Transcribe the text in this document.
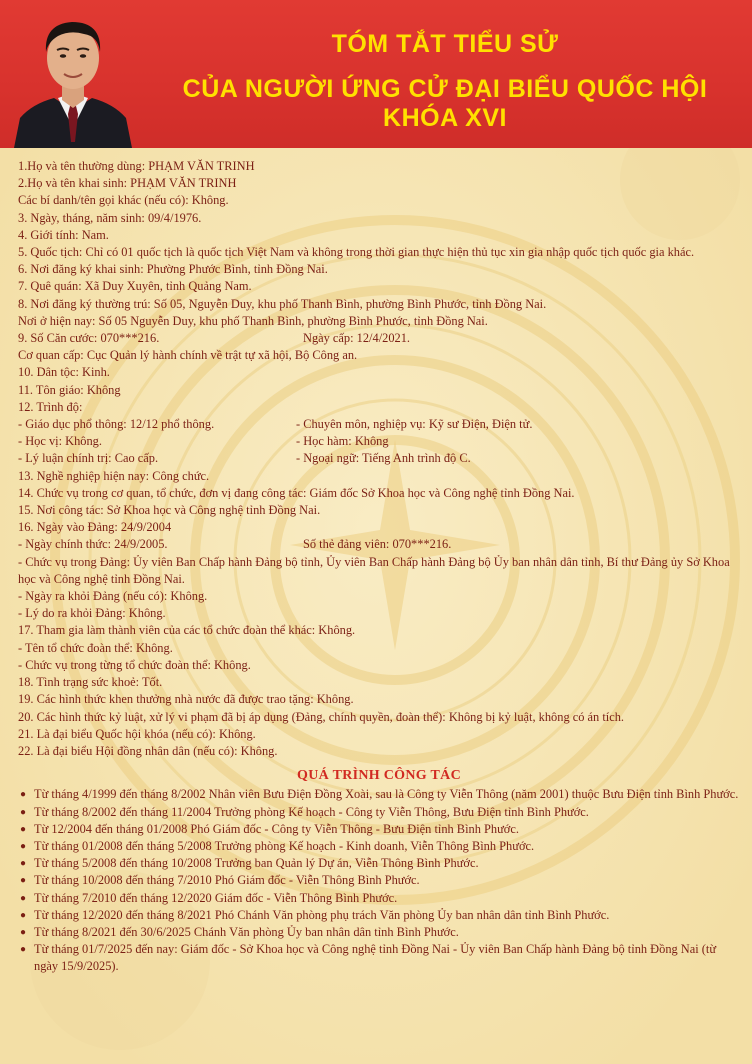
TÓM TẮT TIỂU SỬ
CỦA NGƯỜI ỨNG CỬ ĐẠI BIỂU QUỐC HỘI KHÓA XVI
1.Họ và tên thường dùng: PHẠM VĂN TRINH
2.Họ và tên khai sinh: PHẠM VĂN TRINH
Các bí danh/tên gọi khác (nếu có): Không.
3. Ngày, tháng, năm sinh: 09/4/1976.
4. Giới tính: Nam.
5. Quốc tịch: Chỉ có 01 quốc tịch là quốc tịch Việt Nam và không trong thời gian thực hiện thủ tục xin gia nhập quốc tịch quốc gia khác.
6. Nơi đăng ký khai sinh: Phường Phước Bình, tỉnh Đồng Nai.
7. Quê quán: Xã Duy Xuyên, tỉnh Quảng Nam.
8. Nơi đăng ký thường trú: Số 05, Nguyễn Duy, khu phố Thanh Bình, phường Bình Phước, tỉnh Đồng Nai.
Nơi ở hiện nay: Số 05 Nguyễn Duy, khu phố Thanh Bình, phường Bình Phước, tỉnh Đồng Nai.
9. Số Căn cước: 070***216.	Ngày cấp: 12/4/2021.
Cơ quan cấp: Cục Quản lý hành chính về trật tự xã hội, Bộ Công an.
10. Dân tộc: Kinh.
11. Tôn giáo: Không
12. Trình độ:
- Giáo dục phổ thông: 12/12 phổ thông.	- Chuyên môn, nghiệp vụ: Kỹ sư Điện, Điện tử.
- Học vị: Không.	- Học hàm: Không
- Lý luận chính trị: Cao cấp.	- Ngoại ngữ: Tiếng Anh trình độ C.
13. Nghề nghiệp hiện nay: Công chức.
14. Chức vụ trong cơ quan, tổ chức, đơn vị đang công tác: Giám đốc Sở Khoa học và Công nghệ tỉnh Đồng Nai.
15. Nơi công tác: Sở Khoa học và Công nghệ tỉnh Đồng Nai.
16. Ngày vào Đảng: 24/9/2004
- Ngày chính thức: 24/9/2005.	Số thẻ đảng viên: 070***216.
- Chức vụ trong Đảng: Ủy viên Ban Chấp hành Đảng bộ tỉnh, Ủy viên Ban Chấp hành Đảng bộ Ủy ban nhân dân tỉnh, Bí thư Đảng ủy Sở Khoa học và Công nghệ tỉnh Đồng Nai.
- Ngày ra khỏi Đảng (nếu có): Không.
- Lý do ra khỏi Đảng: Không.
17. Tham gia làm thành viên của các tổ chức đoàn thể khác: Không.
- Tên tổ chức đoàn thể: Không.
- Chức vụ trong từng tổ chức đoàn thể: Không.
18. Tình trạng sức khoẻ: Tốt.
19. Các hình thức khen thưởng nhà nước đã được trao tặng: Không.
20. Các hình thức kỷ luật, xử lý vi phạm đã bị áp dụng (Đảng, chính quyền, đoàn thể): Không bị kỷ luật, không có án tích.
21. Là đại biểu Quốc hội khóa (nếu có): Không.
22. Là đại biểu Hội đồng nhân dân (nếu có): Không.
QUÁ TRÌNH CÔNG TÁC
● Từ tháng 4/1999 đến tháng 8/2002 Nhân viên Bưu Điện Đồng Xoài, sau là Công ty Viễn Thông (năm 2001) thuộc Bưu Điện tỉnh Bình Phước.
● Từ tháng 8/2002 đến tháng 11/2004 Trưởng phòng Kế hoạch - Công ty Viễn Thông, Bưu Điện tỉnh Bình Phước.
● Từ 12/2004 đến tháng 01/2008 Phó Giám đốc - Công ty Viễn Thông - Bưu Điện tỉnh Bình Phước.
● Từ tháng 01/2008 đến tháng 5/2008 Trưởng phòng Kế hoạch - Kinh doanh, Viễn Thông Bình Phước.
● Từ tháng 5/2008 đến tháng 10/2008 Trưởng ban Quản lý Dự án, Viễn Thông Bình Phước.
● Từ tháng 10/2008 đến tháng 7/2010 Phó Giám đốc - Viễn Thông Bình Phước.
● Từ tháng 7/2010 đến tháng 12/2020 Giám đốc - Viễn Thông Bình Phước.
● Từ tháng 12/2020 đến tháng 8/2021 Phó Chánh Văn phòng phụ trách Văn phòng Ủy ban nhân dân tỉnh Bình Phước.
● Từ tháng 8/2021 đến 30/6/2025 Chánh Văn phòng Ủy ban nhân dân tỉnh Bình Phước.
● Từ tháng 01/7/2025 đến nay: Giám đốc - Sở Khoa học và Công nghệ tỉnh Đồng Nai - Ủy viên Ban Chấp hành Đảng bộ tỉnh Đồng Nai (từ ngày 15/9/2025).
